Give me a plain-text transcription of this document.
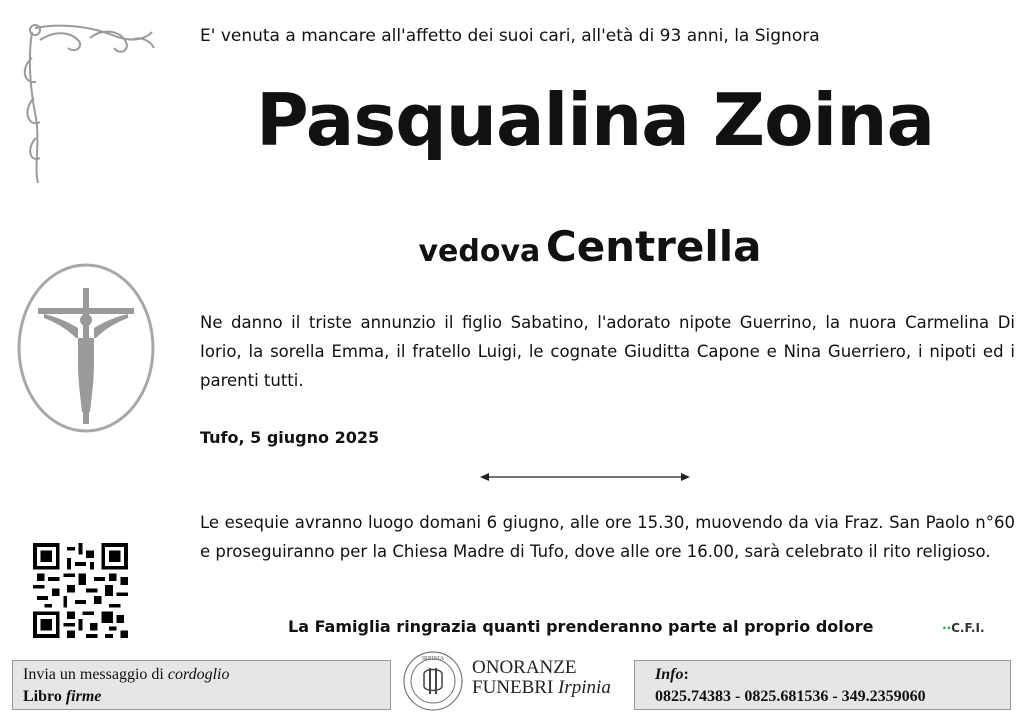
E' venuta a mancare all'affetto dei suoi cari, all'età di 93 anni, la Signora
Pasqualina Zoina
vedova Centrella
Ne danno il triste annunzio il figlio Sabatino, l'adorato nipote Guerrino, la nuora Carmelina Di Iorio, la sorella Emma, il fratello Luigi, le cognate Giuditta Capone e Nina Guerriero, i nipoti ed i parenti tutti.
Tufo, 5 giugno 2025
Le esequie avranno luogo domani 6 giugno, alle ore 15.30, muovendo da via Fraz. San Paolo n°60 e proseguiranno per la Chiesa Madre di Tufo, dove alle ore 16.00, sarà celebrato il rito religioso.
La Famiglia ringrazia quanti prenderanno parte al proprio dolore	⋅⋅C.F.I.
Invia un messaggio di cordoglio
Libro firme
IRPINIA ONORANZE
FUNEBRI Irpinia
Info:
0825.74383 - 0825.681536 - 349.2359060
